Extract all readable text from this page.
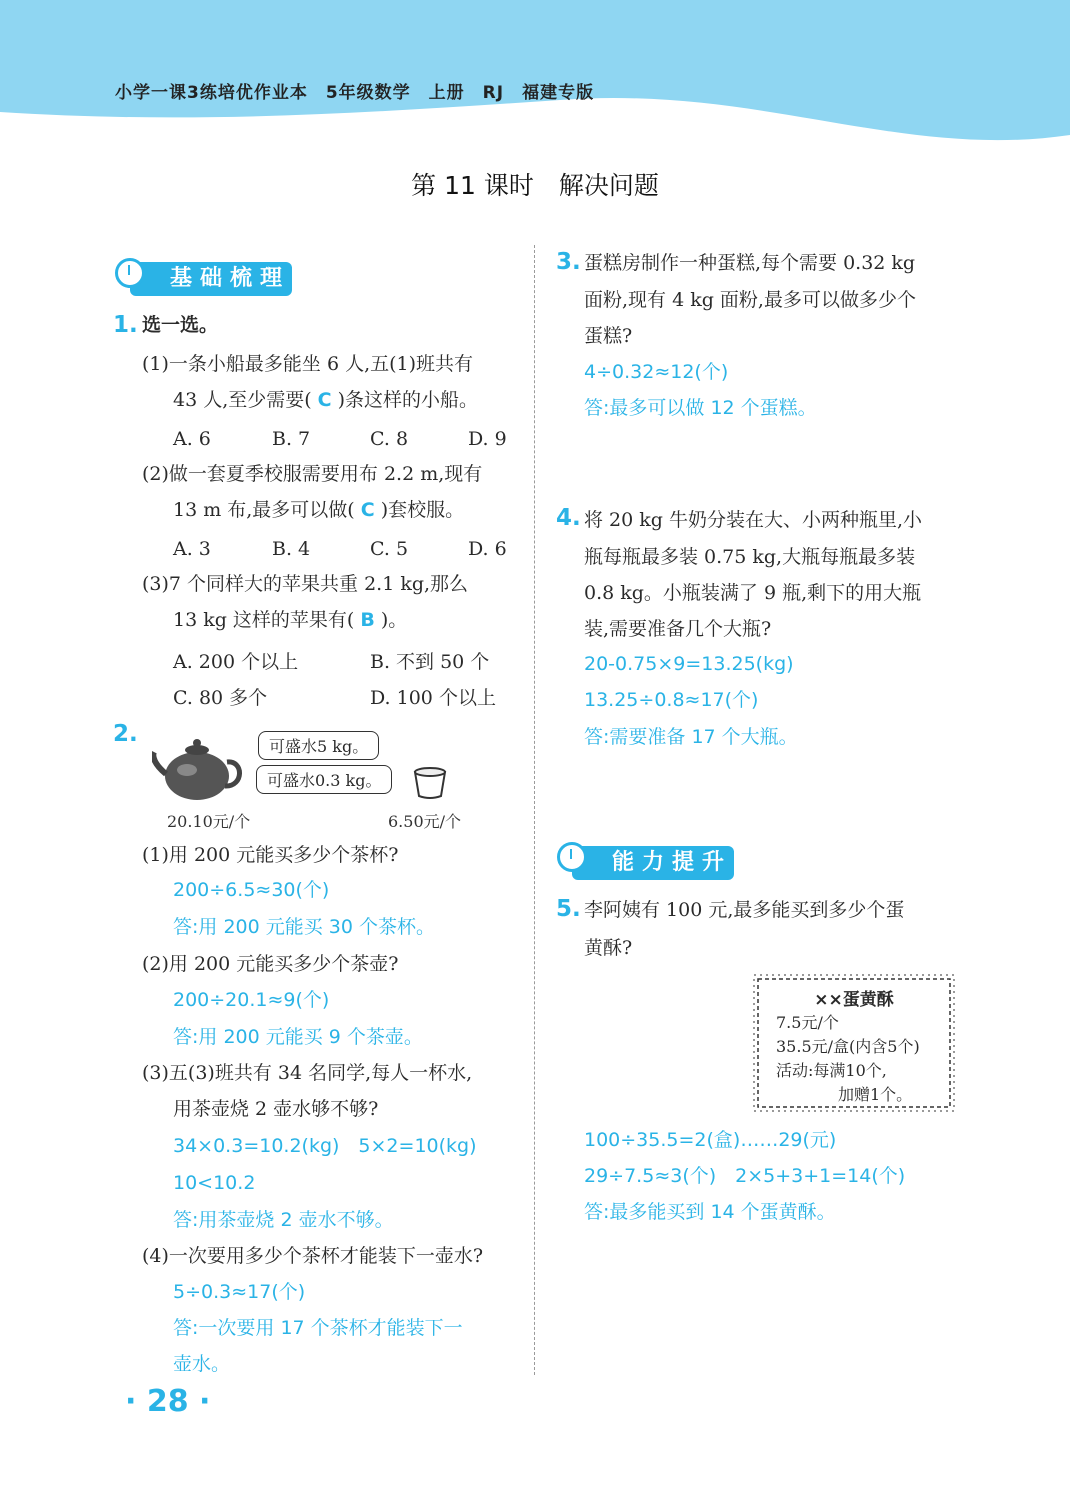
小学一课3练培优作业本　5年级数学　上册　RJ　福建专版
第 11 课时　解决问题
基础梳理
1. 选一选。
(1)一条小船最多能坐 6 人,五(1)班共有
43 人,至少需要( C )条这样的小船。
A. 6	B. 7	C. 8	D. 9
(2)做一套夏季校服需要用布 2.2 m,现有
13 m 布,最多可以做( C )套校服。
A. 3	B. 4	C. 5	D. 6
(3)7 个同样大的苹果共重 2.1 kg,那么
13 kg 这样的苹果有( B )。
A. 200 个以上	B. 不到 50 个
C. 80 多个	D. 100 个以上
2.	可盛水5 kg。
可盛水0.3 kg。
20.10元/个	6.50元/个
(1)用 200 元能买多少个茶杯?
200÷6.5≈30(个)
答:用 200 元能买 30 个茶杯。
(2)用 200 元能买多少个茶壶?
200÷20.1≈9(个)
答:用 200 元能买 9 个茶壶。
(3)五(3)班共有 34 名同学,每人一杯水,
用茶壶烧 2 壶水够不够?
34×0.3=10.2(kg)　5×2=10(kg)
10<10.2
答:用茶壶烧 2 壶水不够。
(4)一次要用多少个茶杯才能装下一壶水?
5÷0.3≈17(个)
答:一次要用 17 个茶杯才能装下一
壶水。
· 28 ·
3. 蛋糕房制作一种蛋糕,每个需要 0.32 kg
面粉,现有 4 kg 面粉,最多可以做多少个
蛋糕?
4÷0.32≈12(个)
答:最多可以做 12 个蛋糕。
4. 将 20 kg 牛奶分装在大、小两种瓶里,小
瓶每瓶最多装 0.75 kg,大瓶每瓶最多装
0.8 kg。小瓶装满了 9 瓶,剩下的用大瓶
装,需要准备几个大瓶?
20-0.75×9=13.25(kg)
13.25÷0.8≈17(个)
答:需要准备 17 个大瓶。
能力提升
5. 李阿姨有 100 元,最多能买到多少个蛋
黄酥?
××蛋黄酥
7.5元/个
35.5元/盒(内含5个)
活动:每满10个,
加赠1个。
100÷35.5=2(盒)……29(元)
29÷7.5≈3(个)　2×5+3+1=14(个)
答:最多能买到 14 个蛋黄酥。
